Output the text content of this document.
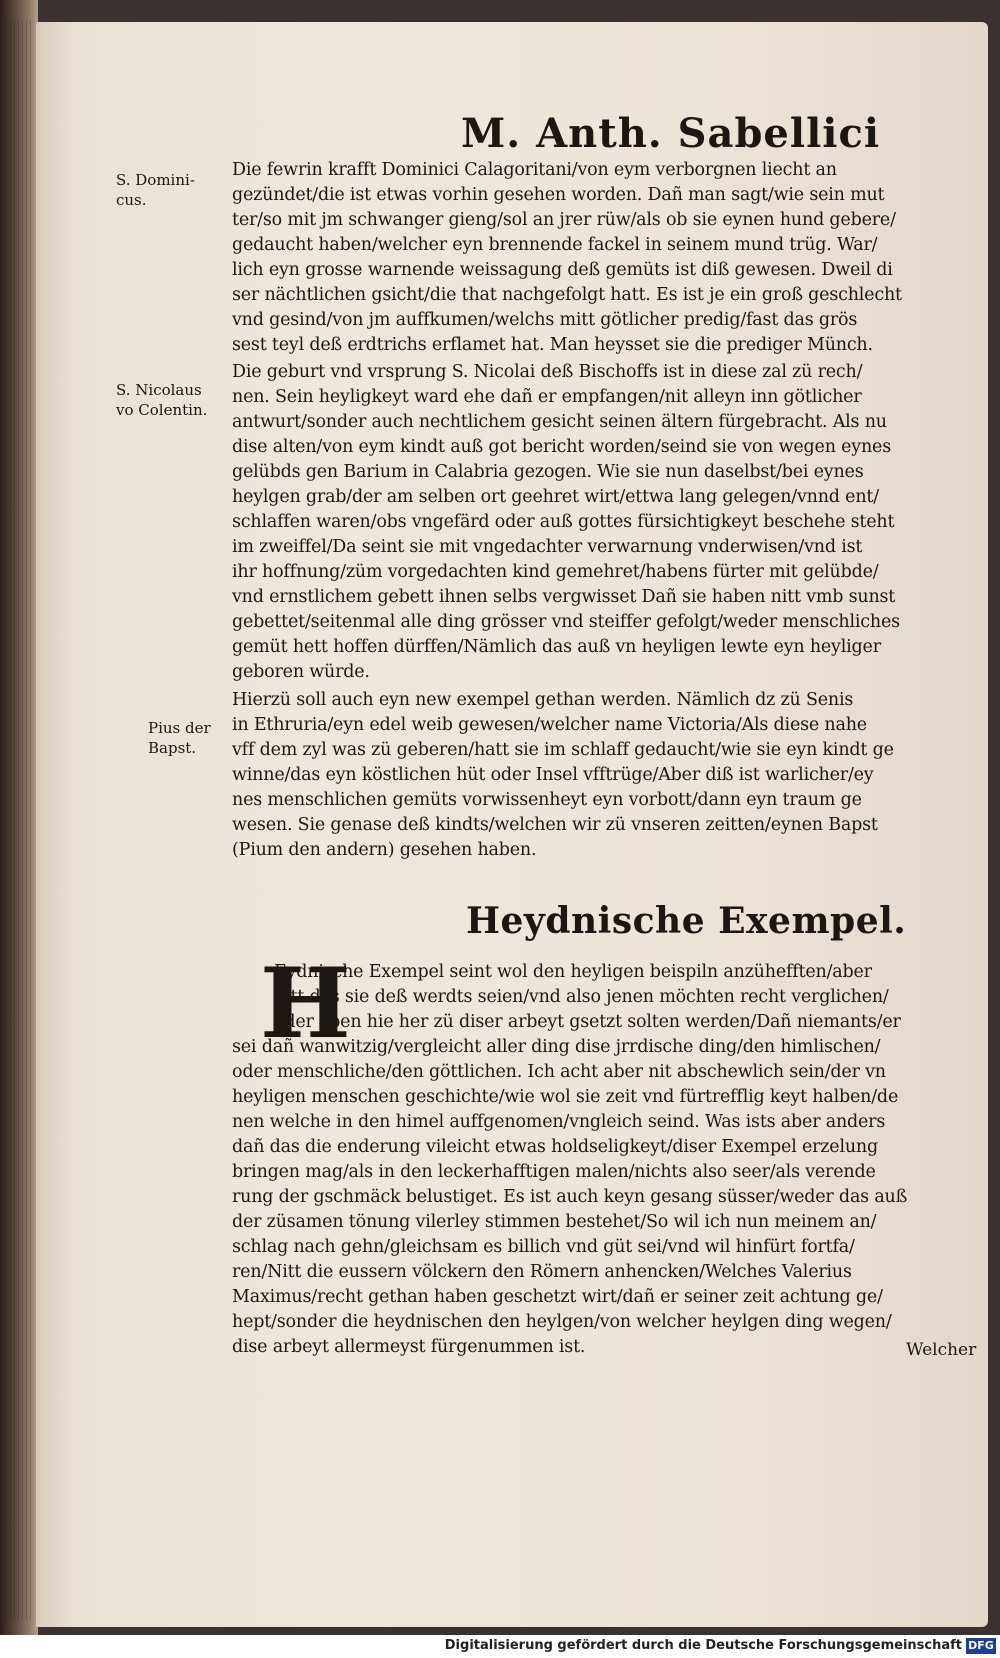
M. Anth. Sabellici
S. Domini-
cus.
S. Nicolaus
vo Colentin.
Pius der
Bapst.
Die fewrin krafft Dominici Calagoritani/von eym verborgnen liecht an
gezündet/die ist etwas vorhin gesehen worden. Dañ man sagt/wie sein mut
ter/so mit jm schwanger gieng/sol an jrer rüw/als ob sie eynen hund gebere/
gedaucht haben/welcher eyn brennende fackel in seinem mund trüg. War/
lich eyn grosse warnende weissagung deß gemüts ist diß gewesen. Dweil di
ser nächtlichen gsicht/die that nachgefolgt hatt. Es ist je ein groß geschlecht
vnd gesind/von jm auffkumen/welchs mitt götlicher predig/fast das grös
sest teyl deß erdtrichs erflamet hat. Man heysset sie die prediger Münch.
Die geburt vnd vrsprung S. Nicolai deß Bischoffs ist in diese zal zü rech/
nen. Sein heyligkeyt ward ehe dañ er empfangen/nit alleyn inn götlicher
antwurt/sonder auch nechtlichem gesicht seinen ältern fürgebracht. Als nu
dise alten/von eym kindt auß got bericht worden/seind sie von wegen eynes
gelübds gen Barium in Calabria gezogen. Wie sie nun daselbst/bei eynes
heylgen grab/der am selben ort geehret wirt/ettwa lang gelegen/vnnd ent/
schlaffen waren/obs vngefärd oder auß gottes fürsichtigkeyt beschehe steht
im zweiffel/Da seint sie mit vngedachter verwarnung vnderwisen/vnd ist
ihr hoffnung/züm vorgedachten kind gemehret/habens fürter mit gelübde/
vnd ernstlichem gebett ihnen selbs vergwisset Dañ sie haben nitt vmb sunst
gebettet/seitenmal alle ding grösser vnd steiffer gefolgt/weder menschliches
gemüt hett hoffen dürffen/Nämlich das auß vn heyligen lewte eyn heyliger
geboren würde.
Hierzü soll auch eyn new exempel gethan werden. Nämlich dz zü Senis
in Ethruria/eyn edel weib gewesen/welcher name Victoria/Als diese nahe
vff dem zyl was zü geberen/hatt sie im schlaff gedaucht/wie sie eyn kindt ge
winne/das eyn köstlichen hüt oder Insel vfftrüge/Aber diß ist warlicher/ey
nes menschlichen gemüts vorwissenheyt eyn vorbott/dann eyn traum ge
wesen. Sie genase deß kindts/welchen wir zü vnseren zeitten/eynen Bapst
(Pium den andern) gesehen haben.
Heydnische Exempel.
H
Eydnische Exempel seint wol den heyligen beispiln anzühefften/aber
nitt das sie deß werdts seien/vnd also jenen möchten recht verglichen/
oder eben hie her zü diser arbeyt gsetzt solten werden/Dañ niemants/er
sei dañ wanwitzig/vergleicht aller ding dise jrrdische ding/den himlischen/
oder menschliche/den göttlichen. Ich acht aber nit abschewlich sein/der vn
heyligen menschen geschichte/wie wol sie zeit vnd fürtrefflig keyt halben/de
nen welche in den himel auffgenomen/vngleich seind. Was ists aber anders
dañ das die enderung vileicht etwas holdseligkeyt/diser Exempel erzelung
bringen mag/als in den leckerhafftigen malen/nichts also seer/als verende
rung der gschmäck belustiget. Es ist auch keyn gesang süsser/weder das auß
der züsamen tönung vilerley stimmen bestehet/So wil ich nun meinem an/
schlag nach gehn/gleichsam es billich vnd güt sei/vnd wil hinfürt fortfa/
ren/Nitt die eussern völckern den Römern anhencken/Welches Valerius
Maximus/recht gethan haben geschetzt wirt/dañ er seiner zeit achtung ge/
hept/sonder die heydnischen den heylgen/von welcher heylgen ding wegen/
dise arbeyt allermeyst fürgenummen ist.	Welcher
Digitalisierung gefördert durch die Deutsche Forschungsgemeinschaft DFG
